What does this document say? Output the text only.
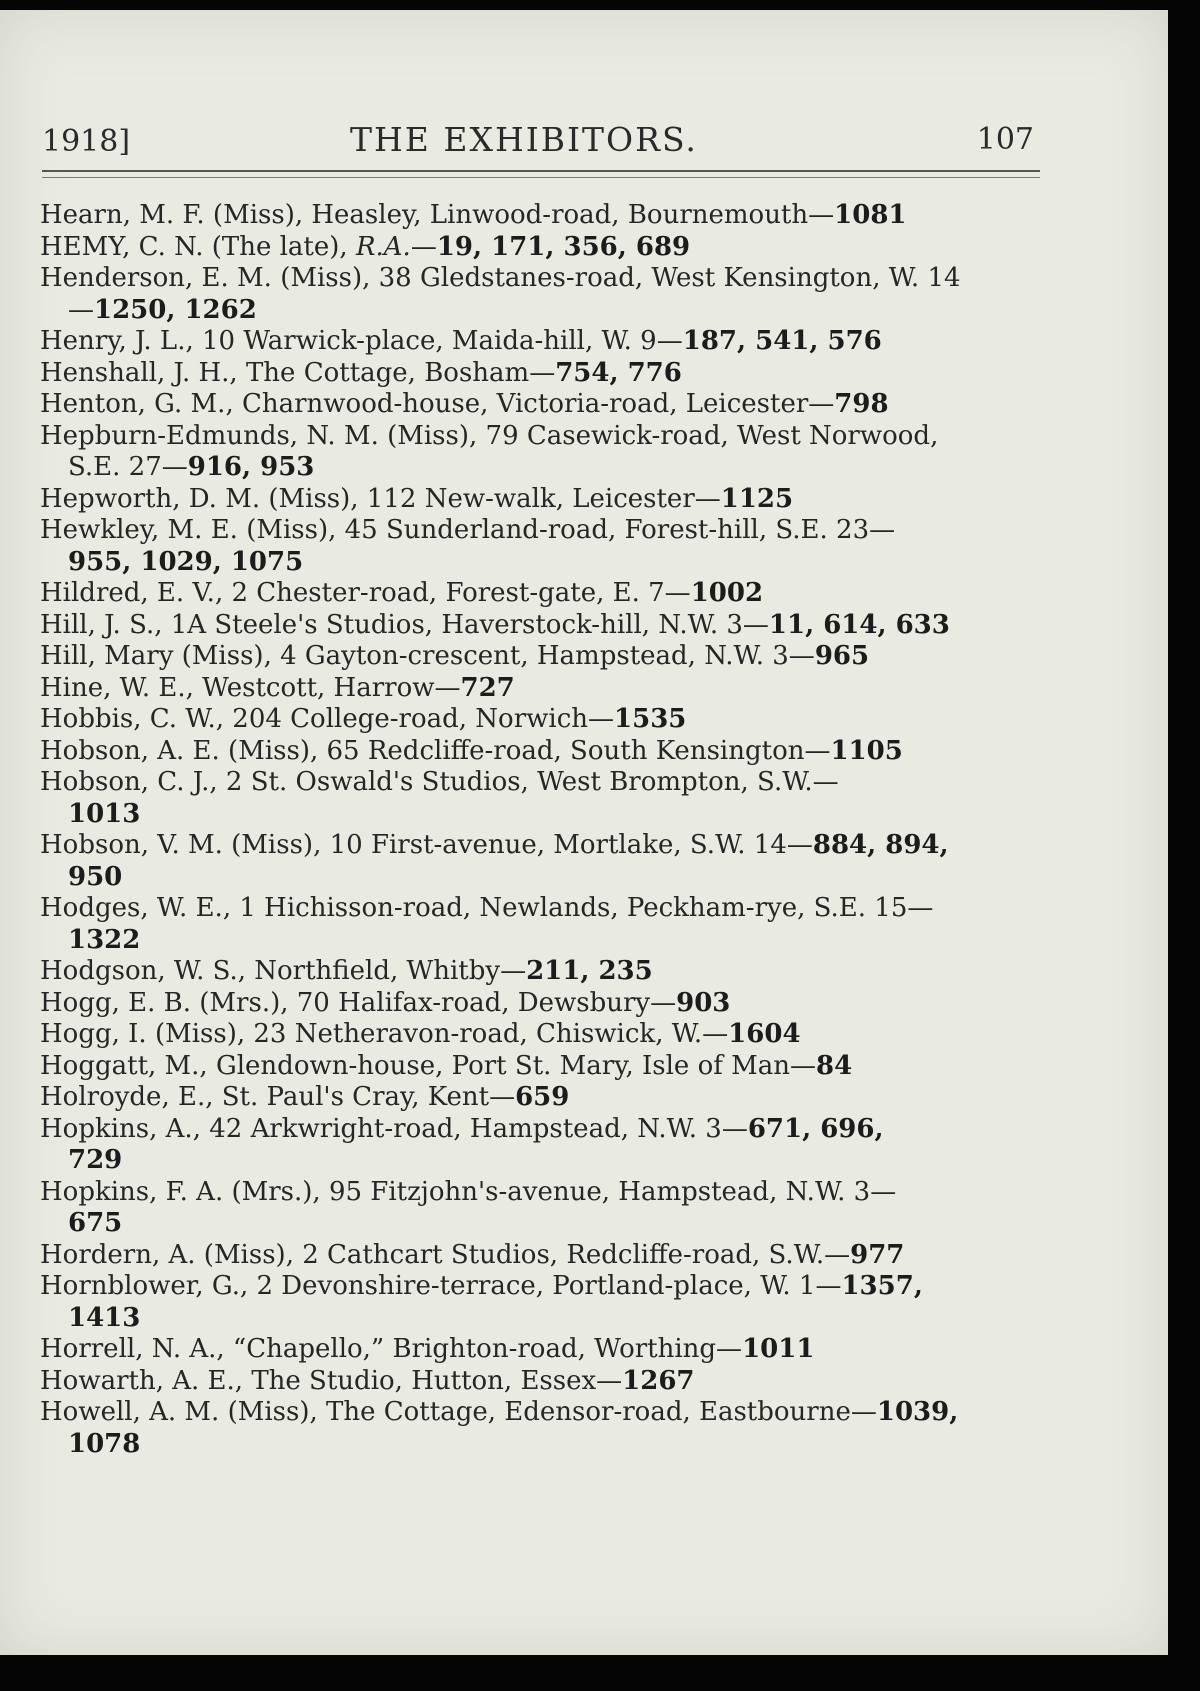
1918]	THE EXHIBITORS.	107
Hearn, M. F. (Miss), Heasley, Linwood-road, Bournemouth—1081
HEMY, C. N. (The late), R.A.—19, 171, 356, 689
Henderson, E. M. (Miss), 38 Gledstanes-road, West Kensington, W. 14
—1250, 1262
Henry, J. L., 10 Warwick-place, Maida-hill, W. 9—187, 541, 576
Henshall, J. H., The Cottage, Bosham—754, 776
Henton, G. M., Charnwood-house, Victoria-road, Leicester—798
Hepburn-Edmunds, N. M. (Miss), 79 Casewick-road, West Norwood,
S.E. 27—916, 953
Hepworth, D. M. (Miss), 112 New-walk, Leicester—1125
Hewkley, M. E. (Miss), 45 Sunderland-road, Forest-hill, S.E. 23—
955, 1029, 1075
Hildred, E. V., 2 Chester-road, Forest-gate, E. 7—1002
Hill, J. S., 1A Steele's Studios, Haverstock-hill, N.W. 3—11, 614, 633
Hill, Mary (Miss), 4 Gayton-crescent, Hampstead, N.W. 3—965
Hine, W. E., Westcott, Harrow—727
Hobbis, C. W., 204 College-road, Norwich—1535
Hobson, A. E. (Miss), 65 Redcliffe-road, South Kensington—1105
Hobson, C. J., 2 St. Oswald's Studios, West Brompton, S.W.—
1013
Hobson, V. M. (Miss), 10 First-avenue, Mortlake, S.W. 14—884, 894,
950
Hodges, W. E., 1 Hichisson-road, Newlands, Peckham-rye, S.E. 15—
1322
Hodgson, W. S., Northfield, Whitby—211, 235
Hogg, E. B. (Mrs.), 70 Halifax-road, Dewsbury—903
Hogg, I. (Miss), 23 Netheravon-road, Chiswick, W.—1604
Hoggatt, M., Glendown-house, Port St. Mary, Isle of Man—84
Holroyde, E., St. Paul's Cray, Kent—659
Hopkins, A., 42 Arkwright-road, Hampstead, N.W. 3—671, 696,
729
Hopkins, F. A. (Mrs.), 95 Fitzjohn's-avenue, Hampstead, N.W. 3—
675
Hordern, A. (Miss), 2 Cathcart Studios, Redcliffe-road, S.W.—977
Hornblower, G., 2 Devonshire-terrace, Portland-place, W. 1—1357,
1413
Horrell, N. A., “Chapello,” Brighton-road, Worthing—1011
Howarth, A. E., The Studio, Hutton, Essex—1267
Howell, A. M. (Miss), The Cottage, Edensor-road, Eastbourne—1039,
1078
